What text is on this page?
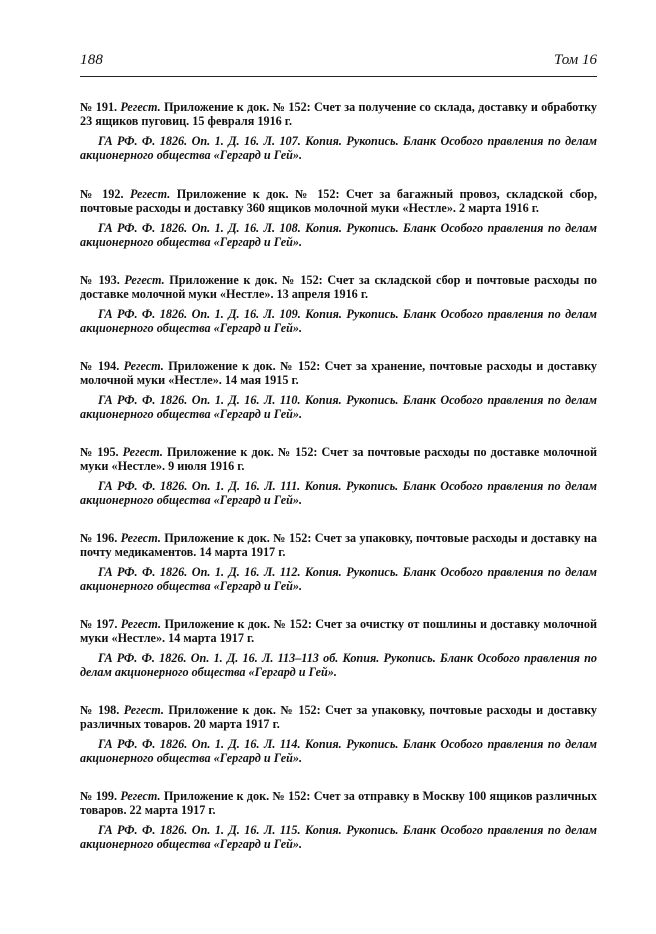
188	Том 16

№ 191. Регест. Приложение к док. № 152: Счет за получение со склада, доставку и обработку 23 ящиков пуговиц. 15 февраля 1916 г.

ГА РФ. Ф. 1826. Оп. 1. Д. 16. Л. 107. Копия. Рукопись. Бланк Особого правления по делам акционерного общества «Гергард и Гей».

№ 192. Регест. Приложение к док. № 152: Счет за багажный провоз, складской сбор, почтовые расходы и доставку 360 ящиков молочной муки «Нестле». 2 марта 1916 г.

ГА РФ. Ф. 1826. Оп. 1. Д. 16. Л. 108. Копия. Рукопись. Бланк Особого правления по делам акционерного общества «Гергард и Гей».

№ 193. Регест. Приложение к док. № 152: Счет за складской сбор и почтовые расходы по доставке молочной муки «Нестле». 13 апреля 1916 г.

ГА РФ. Ф. 1826. Оп. 1. Д. 16. Л. 109. Копия. Рукопись. Бланк Особого правления по делам акционерного общества «Гергард и Гей».

№ 194. Регест. Приложение к док. № 152: Счет за хранение, почтовые расходы и доставку молочной муки «Нестле». 14 мая 1915 г.

ГА РФ. Ф. 1826. Оп. 1. Д. 16. Л. 110. Копия. Рукопись. Бланк Особого правления по делам акционерного общества «Гергард и Гей».

№ 195. Регест. Приложение к док. № 152: Счет за почтовые расходы по доставке молочной муки «Нестле». 9 июля 1916 г.

ГА РФ. Ф. 1826. Оп. 1. Д. 16. Л. 111. Копия. Рукопись. Бланк Особого правления по делам акционерного общества «Гергард и Гей».

№ 196. Регест. Приложение к док. № 152: Счет за упаковку, почтовые расходы и доставку на почту медикаментов. 14 марта 1917 г.

ГА РФ. Ф. 1826. Оп. 1. Д. 16. Л. 112. Копия. Рукопись. Бланк Особого правления по делам акционерного общества «Гергард и Гей».

№ 197. Регест. Приложение к док. № 152: Счет за очистку от пошлины и доставку молочной муки «Нестле». 14 марта 1917 г.

ГА РФ. Ф. 1826. Оп. 1. Д. 16. Л. 113–113 об. Копия. Рукопись. Бланк Особого правления по делам акционерного общества «Гергард и Гей».

№ 198. Регест. Приложение к док. № 152: Счет за упаковку, почтовые расходы и доставку различных товаров. 20 марта 1917 г.

ГА РФ. Ф. 1826. Оп. 1. Д. 16. Л. 114. Копия. Рукопись. Бланк Особого правления по делам акционерного общества «Гергард и Гей».

№ 199. Регест. Приложение к док. № 152: Счет за отправку в Москву 100 ящиков различных товаров. 22 марта 1917 г.

ГА РФ. Ф. 1826. Оп. 1. Д. 16. Л. 115. Копия. Рукопись. Бланк Особого правления по делам акционерного общества «Гергард и Гей».
